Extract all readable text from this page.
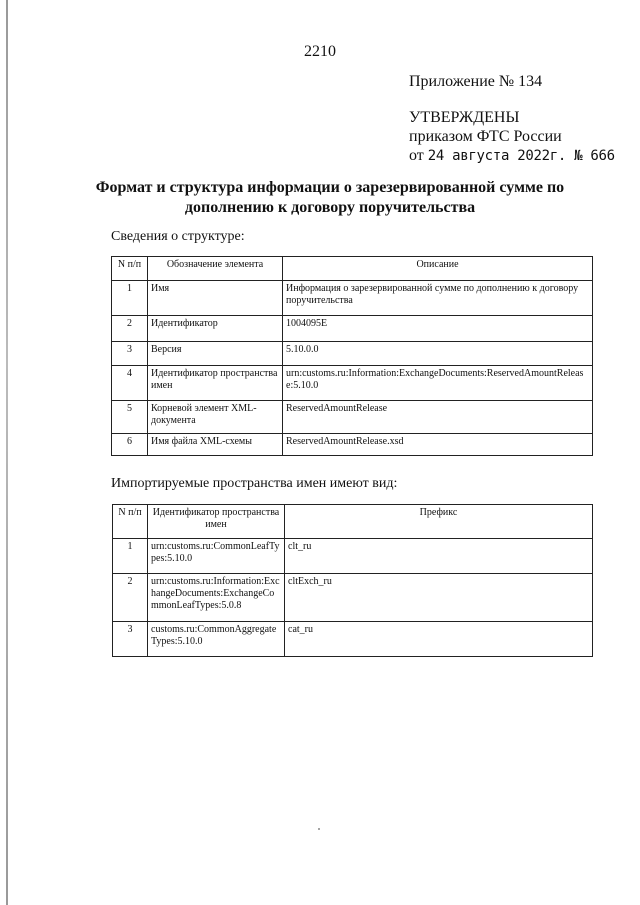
2210
Приложение № 134
УТВЕРЖДЕНЫ
приказом ФТС России
от 24 августа 2022г. № 666
Формат и структура информации о зарезервированной сумме по дополнению к договору поручительства
Сведения о структуре:
N п/п	Обозначение элемента	Описание
1	Имя	Информация о зарезервированной сумме по дополнению к договору поручительства
2	Идентификатор	1004095E
3	Версия	5.10.0.0
4	Идентификатор пространства имен	urn:customs.ru:Information:ExchangeDocuments:ReservedAmountRelease:5.10.0
5	Корневой элемент XML-документа	ReservedAmountRelease
6	Имя файла XML-схемы	ReservedAmountRelease.xsd
Импортируемые пространства имен имеют вид:
N п/п	Идентификатор пространства имен	Префикс
1	urn:customs.ru:CommonLeafTypes:5.10.0	clt_ru
2	urn:customs.ru:Information:ExchangeDocuments:ExchangeCommonLeafTypes:5.0.8	cltExch_ru
3	customs.ru:CommonAggregateTypes:5.10.0	cat_ru
